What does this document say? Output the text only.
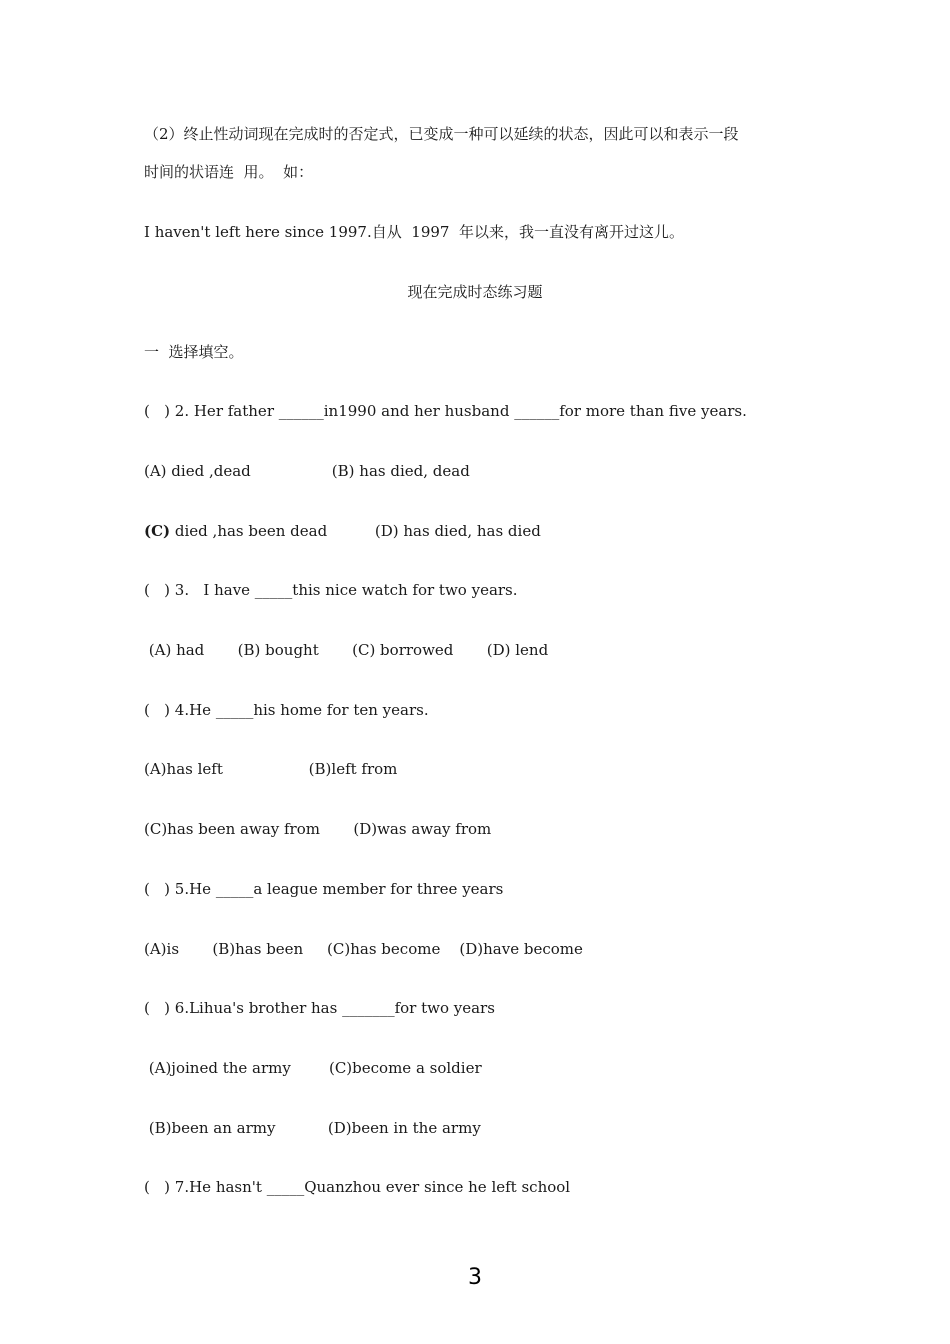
（2）终止性动词现在完成时的否定式，已变成一种可以延续的状态，因此可以和表示一段
时间的状语连  用。  如：
I haven't left here since 1997.自从  1997  年以来，我一直没有离开过这儿。
现在完成时态练习题
一  选择填空。
(   ) 2. Her father ______in1990 and her husband ______for more than five years.
(A) died ,dead                 (B) has died, dead
(C) died ,has been dead          (D) has died, has died
(   ) 3.   I have _____this nice watch for two years.
(A) had       (B) bought       (C) borrowed       (D) lend
(   ) 4.He _____his home for ten years.
(A)has left                  (B)left from
(C)has been away from       (D)was away from
(   ) 5.He _____a league member for three years
(A)is       (B)has been     (C)has become    (D)have become
(   ) 6.Lihua's brother has _______for two years
(A)joined the army        (C)become a soldier
(B)been an army           (D)been in the army
(   ) 7.He hasn't _____Quanzhou ever since he left school
3
